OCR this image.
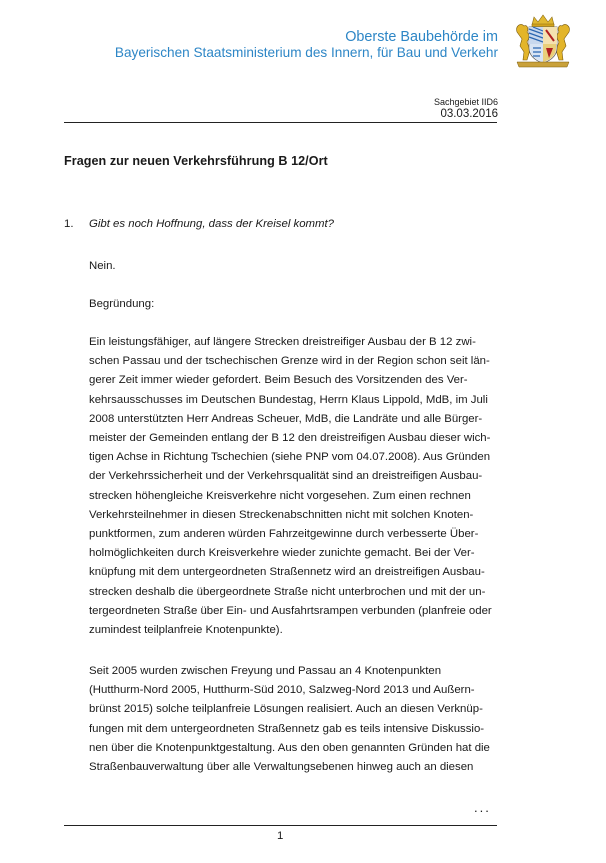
Oberste Baubehörde im
Bayerischen Staatsministerium des Innern, für Bau und Verkehr
Sachgebiet IID6
03.03.2016
Fragen zur neuen Verkehrsführung B 12/Ort
1. Gibt es noch Hoffnung, dass der Kreisel kommt?
Nein.
Begründung:
Ein leistungsfähiger, auf längere Strecken dreistreifiger Ausbau der B 12 zwi-
schen Passau und der tschechischen Grenze wird in der Region schon seit län-
gerer Zeit immer wieder gefordert. Beim Besuch des Vorsitzenden des Ver-
kehrsausschusses im Deutschen Bundestag, Herrn Klaus Lippold, MdB, im Juli
2008 unterstützten Herr Andreas Scheuer, MdB, die Landräte und alle Bürger-
meister der Gemeinden entlang der B 12 den dreistreifigen Ausbau dieser wich-
tigen Achse in Richtung Tschechien (siehe PNP vom 04.07.2008). Aus Gründen
der Verkehrssicherheit und der Verkehrsqualität sind an dreistreifigen Ausbau-
strecken höhengleiche Kreisverkehre nicht vorgesehen. Zum einen rechnen
Verkehrsteilnehmer in diesen Streckenabschnitten nicht mit solchen Knoten-
punktformen, zum anderen würden Fahrzeitgewinne durch verbesserte Über-
holmöglichkeiten durch Kreisverkehre wieder zunichte gemacht. Bei der Ver-
knüpfung mit dem untergeordneten Straßennetz wird an dreistreifigen Ausbau-
strecken deshalb die übergeordnete Straße nicht unterbrochen und mit der un-
tergeordneten Straße über Ein- und Ausfahrtsrampen verbunden (planfreie oder
zumindest teilplanfreie Knotenpunkte).
Seit 2005 wurden zwischen Freyung und Passau an 4 Knotenpunkten
(Hutthurm-Nord 2005, Hutthurm-Süd 2010, Salzweg-Nord 2013 und Außern-
brünst 2015) solche teilplanfreie Lösungen realisiert. Auch an diesen Verknüp-
fungen mit dem untergeordneten Straßennetz gab es teils intensive Diskussio-
nen über die Knotenpunktgestaltung. Aus den oben genannten Gründen hat die
Straßenbauverwaltung über alle Verwaltungsebenen hinweg auch an diesen
...
1
